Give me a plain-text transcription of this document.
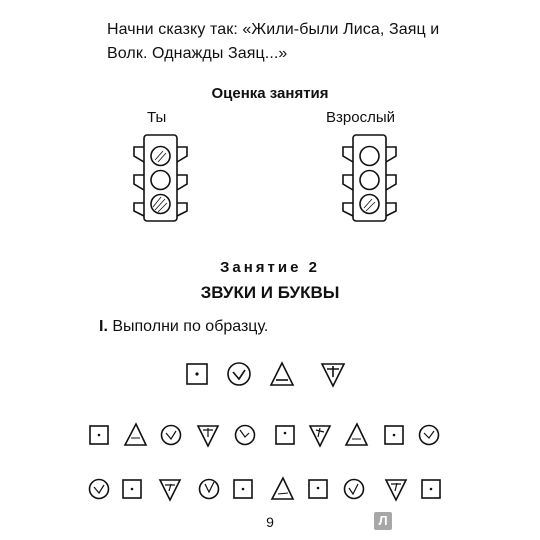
Начни сказку так: «Жили-были Лиса, Заяц и Волк. Однажды Заяц...»
Оценка занятия
Ты	Взрослый
Занятие 2
ЗВУКИ И БУКВЫ
I. Выполни по образцу.
9	Л
